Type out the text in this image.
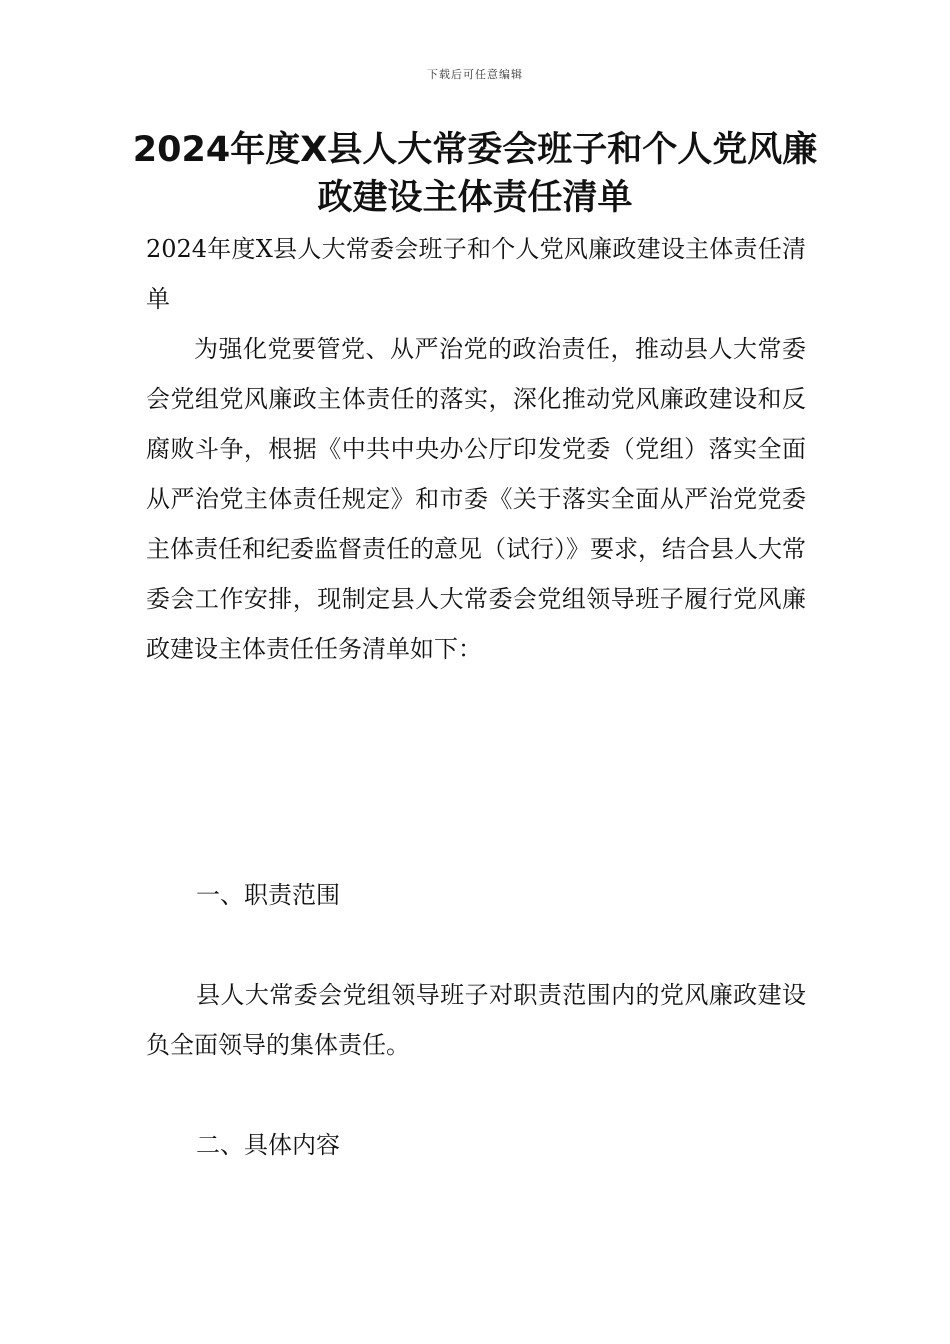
下载后可任意编辑
2024年度X县人大常委会班子和个人党风廉政建设主体责任清单
2024年度X县人大常委会班子和个人党风廉政建设主体责任清单
为强化党要管党、从严治党的政治责任，推动县人大常委会党组党风廉政主体责任的落实，深化推动党风廉政建设和反腐败斗争，根据《中共中央办公厅印发党委（党组）落实全面从严治党主体责任规定》和市委《关于落实全面从严治党党委主体责任和纪委监督责任的意见（试行）》要求，结合县人大常委会工作安排，现制定县人大常委会党组领导班子履行党风廉政建设主体责任任务清单如下：
一、职责范围
县人大常委会党组领导班子对职责范围内的党风廉政建设负全面领导的集体责任。
二、具体内容
